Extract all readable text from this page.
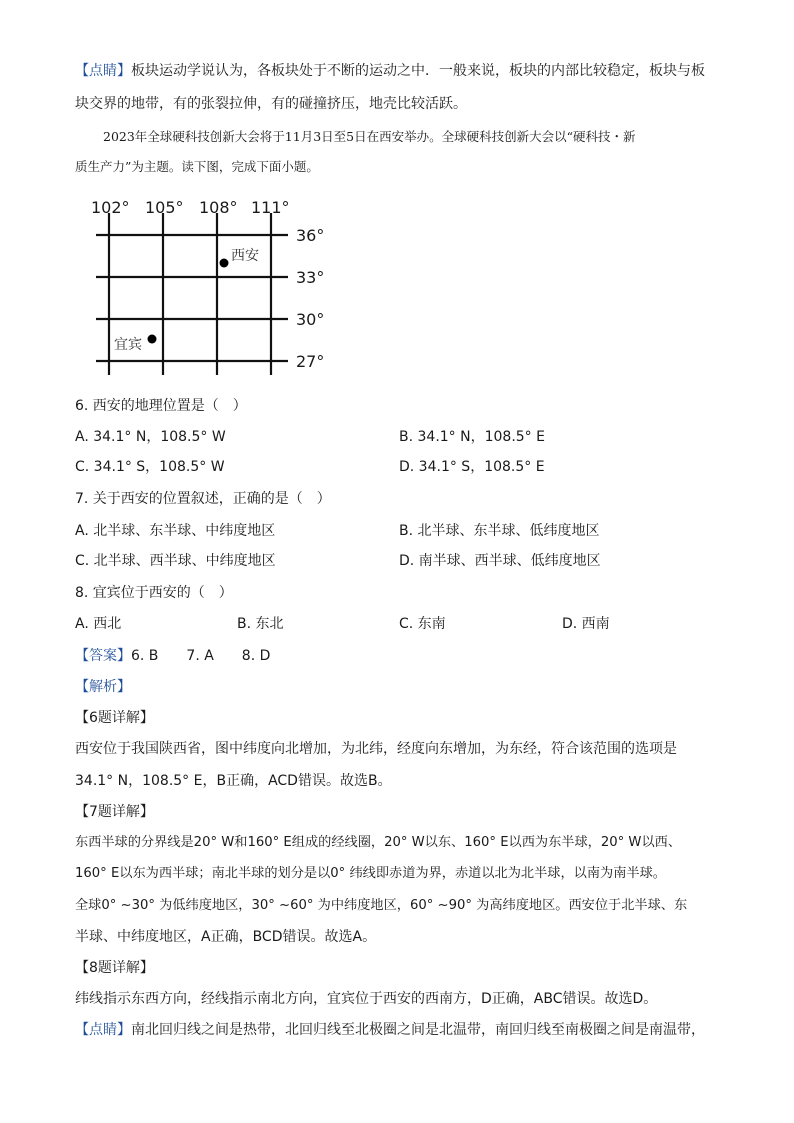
【点睛】板块运动学说认为，各板块处于不断的运动之中．一般来说，板块的内部比较稳定，板块与板
块交界的地带，有的张裂拉伸，有的碰撞挤压，地壳比较活跃。
2023年全球硬科技创新大会将于11月3日至5日在西安举办。全球硬科技创新大会以“硬科技・新
质生产力”为主题。读下图，完成下面小题。
102° 105° 108° 111°
36°
33°
30°
27°
西安
宜宾
6. 西安的地理位置是（　）
A. 34.1° N，108.5° W	B. 34.1° N，108.5° E
C. 34.1° S，108.5° W	D. 34.1° S，108.5° E
7. 关于西安的位置叙述，正确的是（　）
A. 北半球、东半球、中纬度地区	B. 北半球、东半球、低纬度地区
C. 北半球、西半球、中纬度地区	D. 南半球、西半球、低纬度地区
8. 宜宾位于西安的（　）
A. 西北	B. 东北	C. 东南	D. 西南
【答案】6. B　　7. A　　8. D
【解析】
【6题详解】
西安位于我国陕西省，图中纬度向北增加，为北纬，经度向东增加，为东经，符合该范围的选项是
34.1° N，108.5° E，B正确，ACD错误。故选B。
【7题详解】
东西半球的分界线是20° W和160° E组成的经线圈，20° W以东、160° E以西为东半球，20° W以西、
160° E以东为西半球；南北半球的划分是以0° 纬线即赤道为界，赤道以北为北半球，以南为南半球。
全球0° ~30° 为低纬度地区，30° ~60° 为中纬度地区，60° ~90° 为高纬度地区。西安位于北半球、东
半球、中纬度地区，A正确，BCD错误。故选A。
【8题详解】
纬线指示东西方向，经线指示南北方向，宜宾位于西安的西南方，D正确，ABC错误。故选D。
【点睛】南北回归线之间是热带，北回归线至北极圈之间是北温带，南回归线至南极圈之间是南温带，
